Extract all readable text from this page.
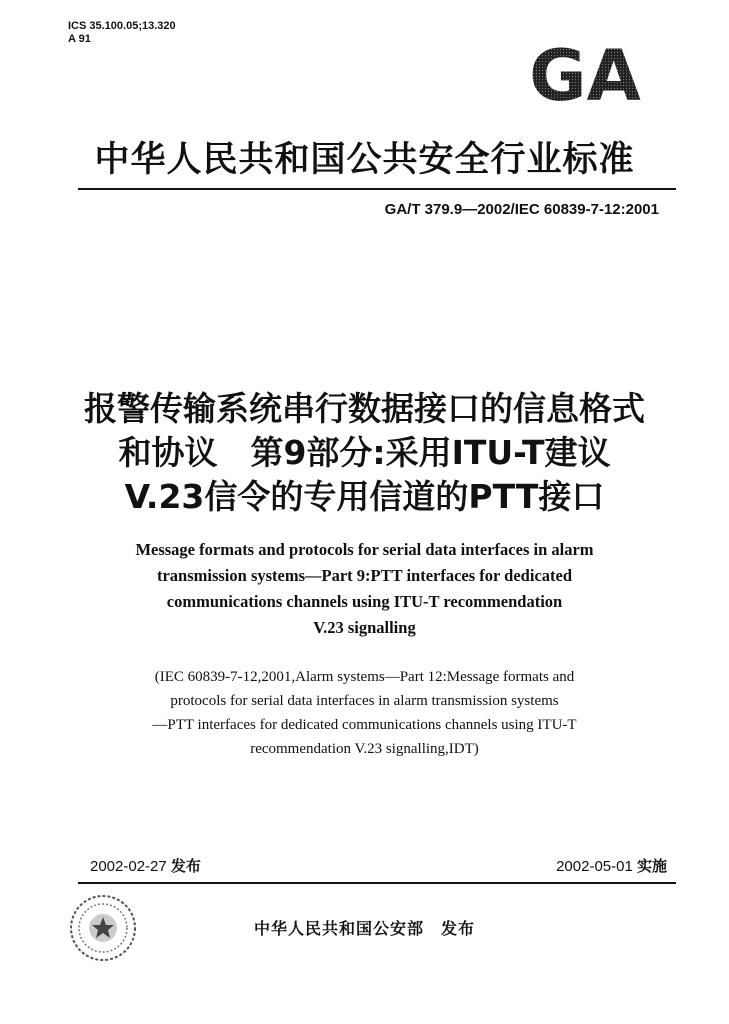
ICS 35.100.05;13.320
A 91	GA
中华人民共和国公共安全行业标准
GA/T 379.9—2002/IEC 60839-7-12:2001
报警传输系统串行数据接口的信息格式
和协议　第9部分:采用ITU-T建议
V.23信令的专用信道的PTT接口
Message formats and protocols for serial data interfaces in alarm
transmission systems—Part 9:PTT interfaces for dedicated
communications channels using ITU-T recommendation
V.23 signalling
(IEC 60839-7-12,2001,Alarm systems—Part 12:Message formats and
protocols for serial data interfaces in alarm transmission systems
—PTT interfaces for dedicated communications channels using ITU-T
recommendation V.23 signalling,IDT)
2002-02-27 发布	2002-05-01 实施
中华人民共和国公安部　发布
